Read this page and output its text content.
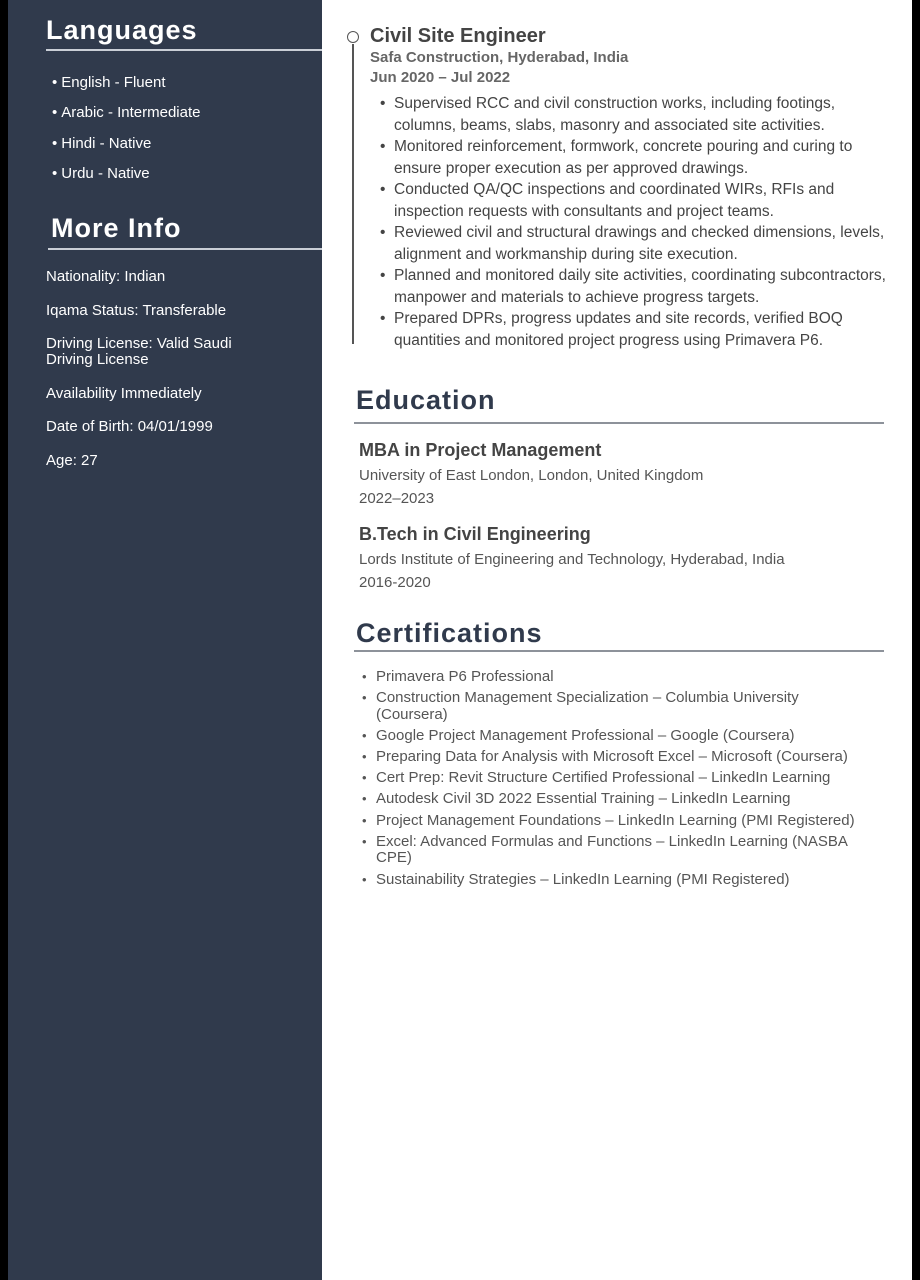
Languages
• English - Fluent
• Arabic - Intermediate
• Hindi - Native
• Urdu - Native
More Info
Nationality: Indian
Iqama Status: Transferable
Driving License: Valid Saudi Driving License
Availability Immediately
Date of Birth: 04/01/1999
Age: 27
Civil Site Engineer
Safa Construction, Hyderabad, India
Jun 2020 – Jul 2022
• Supervised RCC and civil construction works, including footings, columns, beams, slabs, masonry and associated site activities.
• Monitored reinforcement, formwork, concrete pouring and curing to ensure proper execution as per approved drawings.
• Conducted QA/QC inspections and coordinated WIRs, RFIs and inspection requests with consultants and project teams.
• Reviewed civil and structural drawings and checked dimensions, levels, alignment and workmanship during site execution.
• Planned and monitored daily site activities, coordinating subcontractors, manpower and materials to achieve progress targets.
• Prepared DPRs, progress updates and site records, verified BOQ quantities and monitored project progress using Primavera P6.
Education
MBA in Project Management
University of East London, London, United Kingdom
2022–2023
B.Tech in Civil Engineering
Lords Institute of Engineering and Technology, Hyderabad, India
2016-2020
Certifications
• Primavera P6 Professional
• Construction Management Specialization – Columbia University (Coursera)
• Google Project Management Professional – Google (Coursera)
• Preparing Data for Analysis with Microsoft Excel – Microsoft (Coursera)
• Cert Prep: Revit Structure Certified Professional – LinkedIn Learning
• Autodesk Civil 3D 2022 Essential Training – LinkedIn Learning
• Project Management Foundations – LinkedIn Learning (PMI Registered)
• Excel: Advanced Formulas and Functions – LinkedIn Learning (NASBA CPE)
• Sustainability Strategies – LinkedIn Learning (PMI Registered)
